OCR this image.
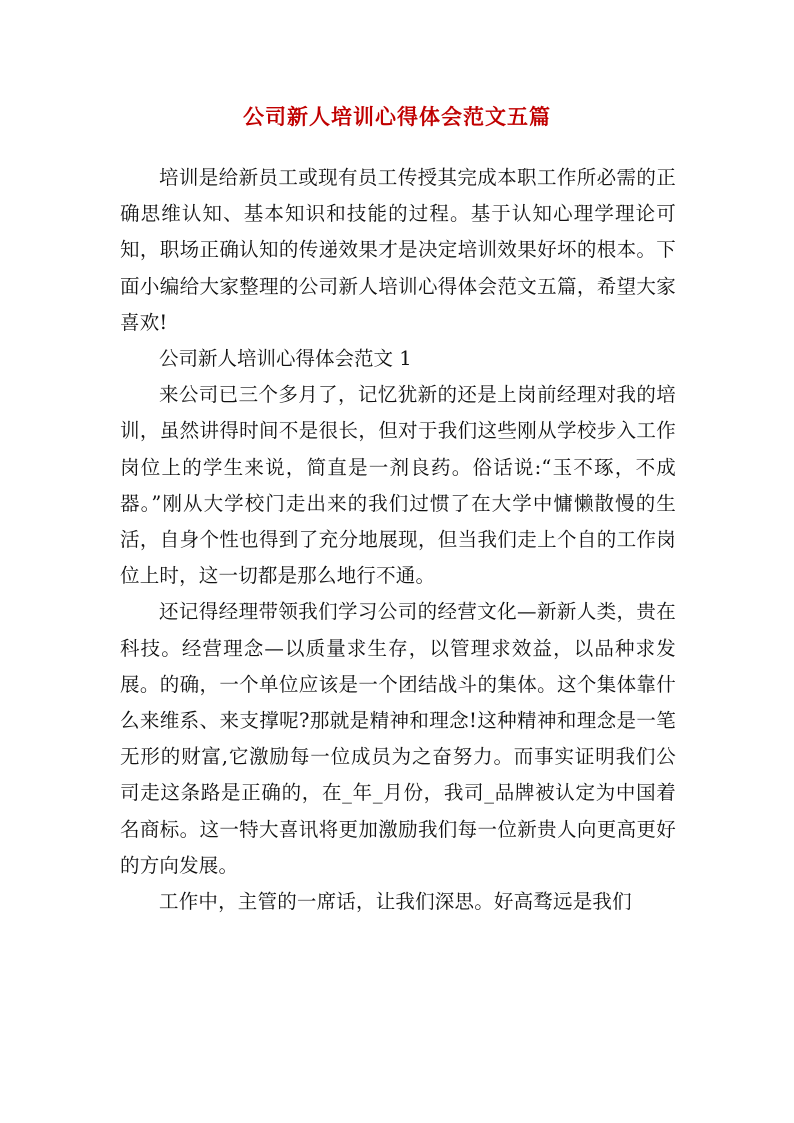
公司新人培训心得体会范文五篇

培训是给新员工或现有员工传授其完成本职工作所必需的正确思维认知、基本知识和技能的过程。基于认知心理学理论可知，职场正确认知的传递效果才是决定培训效果好坏的根本。下面小编给大家整理的公司新人培训心得体会范文五篇，希望大家喜欢!

公司新人培训心得体会范文 1

来公司已三个多月了，记忆犹新的还是上岗前经理对我的培训，虽然讲得时间不是很长，但对于我们这些刚从学校步入工作岗位上的学生来说，简直是一剂良药。俗话说:“玉不琢，不成器。”刚从大学校门走出来的我们过惯了在大学中慵懒散慢的生活，自身个性也得到了充分地展现，但当我们走上个自的工作岗位上时，这一切都是那么地行不通。

还记得经理带领我们学习公司的经营文化—新新人类，贵在科技。经营理念—以质量求生存，以管理求效益，以品种求发展。的确，一个单位应该是一个团结战斗的集体。这个集体靠什么来维系、来支撑呢?那就是精神和理念!这种精神和理念是一笔无形的财富,它激励每一位成员为之奋努力。而事实证明我们公司走这条路是正确的，在_年_月份，我司_品牌被认定为中国着名商标。这一特大喜讯将更加激励我们每一位新贵人向更高更好的方向发展。

工作中，主管的一席话，让我们深思。好高骛远是我们
